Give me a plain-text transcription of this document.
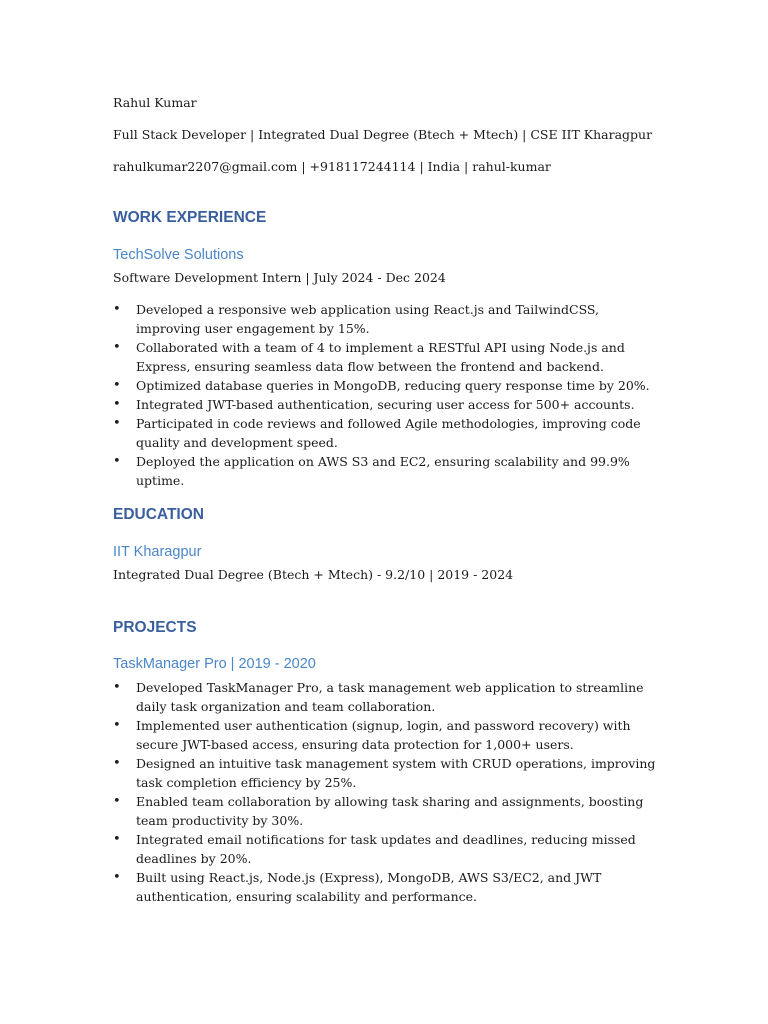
Rahul Kumar
Full Stack Developer | Integrated Dual Degree (Btech + Mtech) | CSE IIT Kharagpur
rahulkumar2207@gmail.com | +918117244114 | India | rahul-kumar
WORK EXPERIENCE
TechSolve Solutions
Software Development Intern | July 2024 - Dec 2024
• Developed a responsive web application using React.js and TailwindCSS, improving user engagement by 15%.
• Collaborated with a team of 4 to implement a RESTful API using Node.js and Express, ensuring seamless data flow between the frontend and backend.
• Optimized database queries in MongoDB, reducing query response time by 20%.
• Integrated JWT-based authentication, securing user access for 500+ accounts.
• Participated in code reviews and followed Agile methodologies, improving code quality and development speed.
• Deployed the application on AWS S3 and EC2, ensuring scalability and 99.9% uptime.
EDUCATION
IIT Kharagpur
Integrated Dual Degree (Btech + Mtech) - 9.2/10 | 2019 - 2024
PROJECTS
TaskManager Pro | 2019 - 2020
• Developed TaskManager Pro, a task management web application to streamline daily task organization and team collaboration.
• Implemented user authentication (signup, login, and password recovery) with secure JWT-based access, ensuring data protection for 1,000+ users.
• Designed an intuitive task management system with CRUD operations, improving task completion efficiency by 25%.
• Enabled team collaboration by allowing task sharing and assignments, boosting team productivity by 30%.
• Integrated email notifications for task updates and deadlines, reducing missed deadlines by 20%.
• Built using React.js, Node.js (Express), MongoDB, AWS S3/EC2, and JWT authentication, ensuring scalability and performance.
